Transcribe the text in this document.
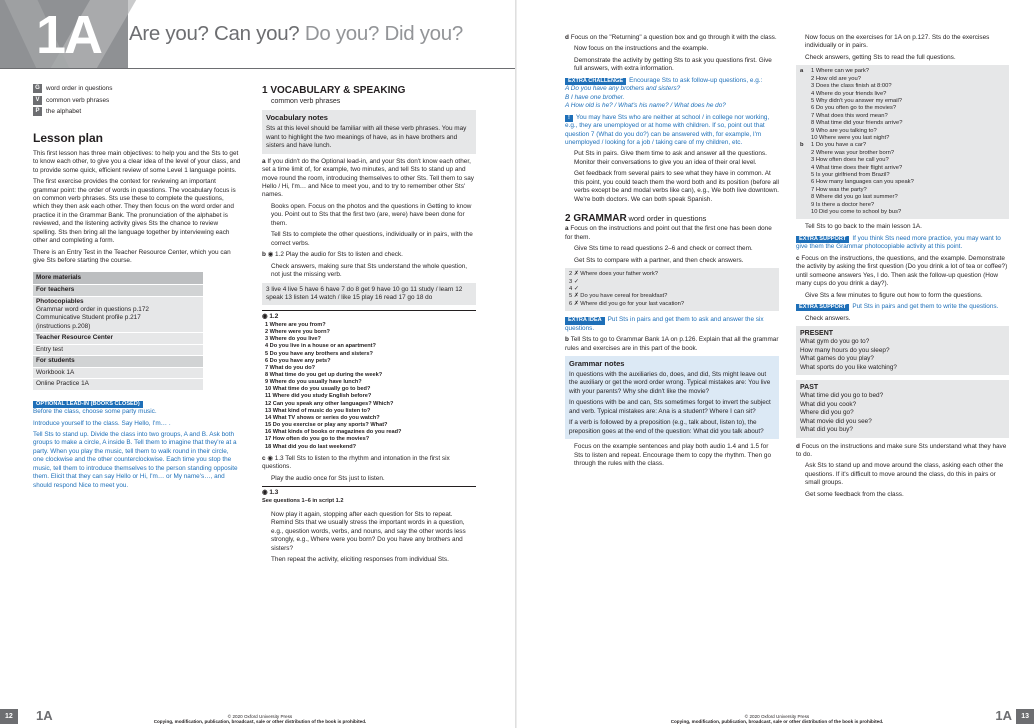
1A Are you? Can you? Do you? Did you?
G word order in questions
V common verb phrases
P the alphabet
Lesson plan

This first lesson has three main objectives: to help you and the Sts to get to know each other, to give you a clear idea of the level of your class, and to provide some quick, efficient review of some Level 1 language points.

The first exercise provides the context for reviewing an important grammar point: the order of words in questions. The vocabulary focus is on common verb phrases. Sts use these to complete the questions, which they then ask each other. They then focus on the word order and practice it in the Grammar Bank. The pronunciation of the alphabet is reviewed, and the listening activity gives Sts the chance to review spelling. Sts then bring all the language together by interviewing each other and completing a form.

There is an Entry Test in the Teacher Resource Center, which you can give Sts before starting the course.

More materials
For teachers
Photocopiables
Grammar word order in questions p.172
Communicative Student profile p.217
(instructions p.208)
Teacher Resource Center
Entry test
For students
Workbook 1A
Online Practice 1A
OPTIONAL LEAD-IN (BOOKS CLOSED)

Before the class, choose some party music.

Introduce yourself to the class. Say Hello, I'm… .

Tell Sts to stand up. Divide the class into two groups, A and B. Ask both groups to make a circle, A inside B. Tell them to imagine that they're at a party. When you play the music, tell them to walk round in their circle, one clockwise and the other counterclockwise. Each time you stop the music, tell them to introduce themselves to the person standing opposite them. Elicit that they can say Hello or Hi, I'm… or My name's…, and should respond Nice to meet you.

1 VOCABULARY & SPEAKING
common verb phrases
Vocabulary notes
Sts at this level should be familiar with all these verb phrases. You may want to highlight the two meanings of have, as in have brothers and sisters and have lunch.

a If you didn't do the Optional lead-in, and your Sts don't know each other, set a time limit of, for example, two minutes, and tell Sts to stand up and move round the room, introducing themselves to other Sts. Tell them to say Hello / Hi, I'm… and Nice to meet you, and to try to remember other Sts' names.

Books open. Focus on the photos and the questions in Getting to know you. Point out to Sts that the first two (are, were) have been done for them.

Tell Sts to complete the other questions, individually or in pairs, with the correct verbs.

b ◉ 1.2 Play the audio for Sts to listen and check.

Check answers, making sure that Sts understand the whole question, not just the missing verb.

3 live 4 live 5 have 6 have 7 do 8 get 9 have 10 go 11 study / learn 12 speak 13 listen 14 watch / like 15 play 16 read 17 go 18 do
◉ 1.2
1 Where are you from?
2 Where were you born?
3 Where do you live?
4 Do you live in a house or an apartment?
5 Do you have any brothers and sisters?
6 Do you have any pets?
7 What do you do?
8 What time do you get up during the week?
9 Where do you usually have lunch?
10 What time do you usually go to bed?
11 Where did you study English before?
12 Can you speak any other languages? Which?
13 What kind of music do you listen to?
14 What TV shows or series do you watch?
15 Do you exercise or play any sports? What?
16 What kinds of books or magazines do you read?
17 How often do you go to the movies?
18 What did you do last weekend?

c ◉ 1.3 Tell Sts to listen to the rhythm and intonation in the first six questions.

Play the audio once for Sts just to listen.

◉ 1.3
See questions 1–6 in script 1.2

Now play it again, stopping after each question for Sts to repeat. Remind Sts that we usually stress the important words in a question, e.g., question words, verbs, and nouns, and say the other words less strongly, e.g., Where were you born? Do you have any brothers and sisters?

Then repeat the activity, eliciting responses from individual Sts.

12	1A	© 2020 Oxford University Press
Copying, modification, publication, broadcast, sale or other distribution of the book is prohibited.

d Focus on the "Returning" a question box and go through it with the class.

Now focus on the instructions and the example.

Demonstrate the activity by getting Sts to ask you questions first. Give full answers, with extra information.

EXTRA CHALLENGE Encourage Sts to ask follow-up questions, e.g.:
A Do you have any brothers and sisters?
B I have one brother.
A How old is he? / What's his name? / What does he do?

! You may have Sts who are neither at school / in college nor working, e.g., they are unemployed or at home with children. If so, point out that question 7 (What do you do?) can be answered with, for example, I'm unemployed / looking for a job / taking care of my children, etc.

Put Sts in pairs. Give them time to ask and answer all the questions. Monitor their conversations to give you an idea of their oral level.

Get feedback from several pairs to see what they have in common. At this point, you could teach them the word both and its position (before all verbs except be and modal verbs like can), e.g., We both live downtown. We're both doctors. We can both speak Spanish.

2 GRAMMAR word order in questions

a Focus on the instructions and point out that the first one has been done for them.

Give Sts time to read questions 2–6 and check or correct them.

Get Sts to compare with a partner, and then check answers.

2 ✗ Where does your father work?
3 ✓
4 ✓
5 ✗ Do you have cereal for breakfast?
6 ✗ Where did you go for your last vacation?

EXTRA IDEA Put Sts in pairs and get them to ask and answer the six questions.

b Tell Sts to go to Grammar Bank 1A on p.126. Explain that all the grammar rules and exercises are in this part of the book.

Grammar notes

In questions with the auxiliaries do, does, and did, Sts might leave out the auxiliary or get the word order wrong. Typical mistakes are: You live with your parents? Why she didn't like the movie?

In questions with be and can, Sts sometimes forget to invert the subject and verb. Typical mistakes are: Ana is a student? Where I can sit?

If a verb is followed by a preposition (e.g., talk about, listen to), the preposition goes at the end of the question: What did you talk about?

Focus on the example sentences and play both audio 1.4 and 1.5 for Sts to listen and repeat. Encourage them to copy the rhythm. Then go through the rules with the class.

Now focus on the exercises for 1A on p.127. Sts do the exercises individually or in pairs.

Check answers, getting Sts to read the full questions.

a	1 Where can we park?
2 How old are you?
3 Does the class finish at 8:00?
4 Where do your friends live?
5 Why didn't you answer my email?
6 Do you often go to the movies?
7 What does this word mean?
8 What time did your friends arrive?
9 Who are you talking to?
10 Where were you last night?
b	1 Do you have a car?
2 Where was your brother born?
3 How often does he call you?
4 What time does their flight arrive?
5 Is your girlfriend from Brazil?
6 How many languages can you speak?
7 How was the party?
8 Where did you go last summer?
9 Is there a doctor here?
10 Did you come to school by bus?

Tell Sts to go back to the main lesson 1A.

EXTRA SUPPORT If you think Sts need more practice, you may want to give them the Grammar photocopiable activity at this point.

c Focus on the instructions, the questions, and the example. Demonstrate the activity by asking the first question (Do you drink a lot of tea or coffee?) until someone answers Yes, I do. Then ask the follow-up question (How many cups do you drink a day?).

Give Sts a few minutes to figure out how to form the questions.

EXTRA SUPPORT Put Sts in pairs and get them to write the questions.

Check answers.

PRESENT
What gym do you go to?
How many hours do you sleep?
What games do you play?
What sports do you like watching?
PAST
What time did you go to bed?
What did you cook?
Where did you go?
What movie did you see?
What did you buy?

d Focus on the instructions and make sure Sts understand what they have to do.

Ask Sts to stand up and move around the class, asking each other the questions. If it's difficult to move around the class, do this in pairs or small groups.

Get some feedback from the class.

© 2020 Oxford University Press
Copying, modification, publication, broadcast, sale or other distribution of the book is prohibited.	1A	13
